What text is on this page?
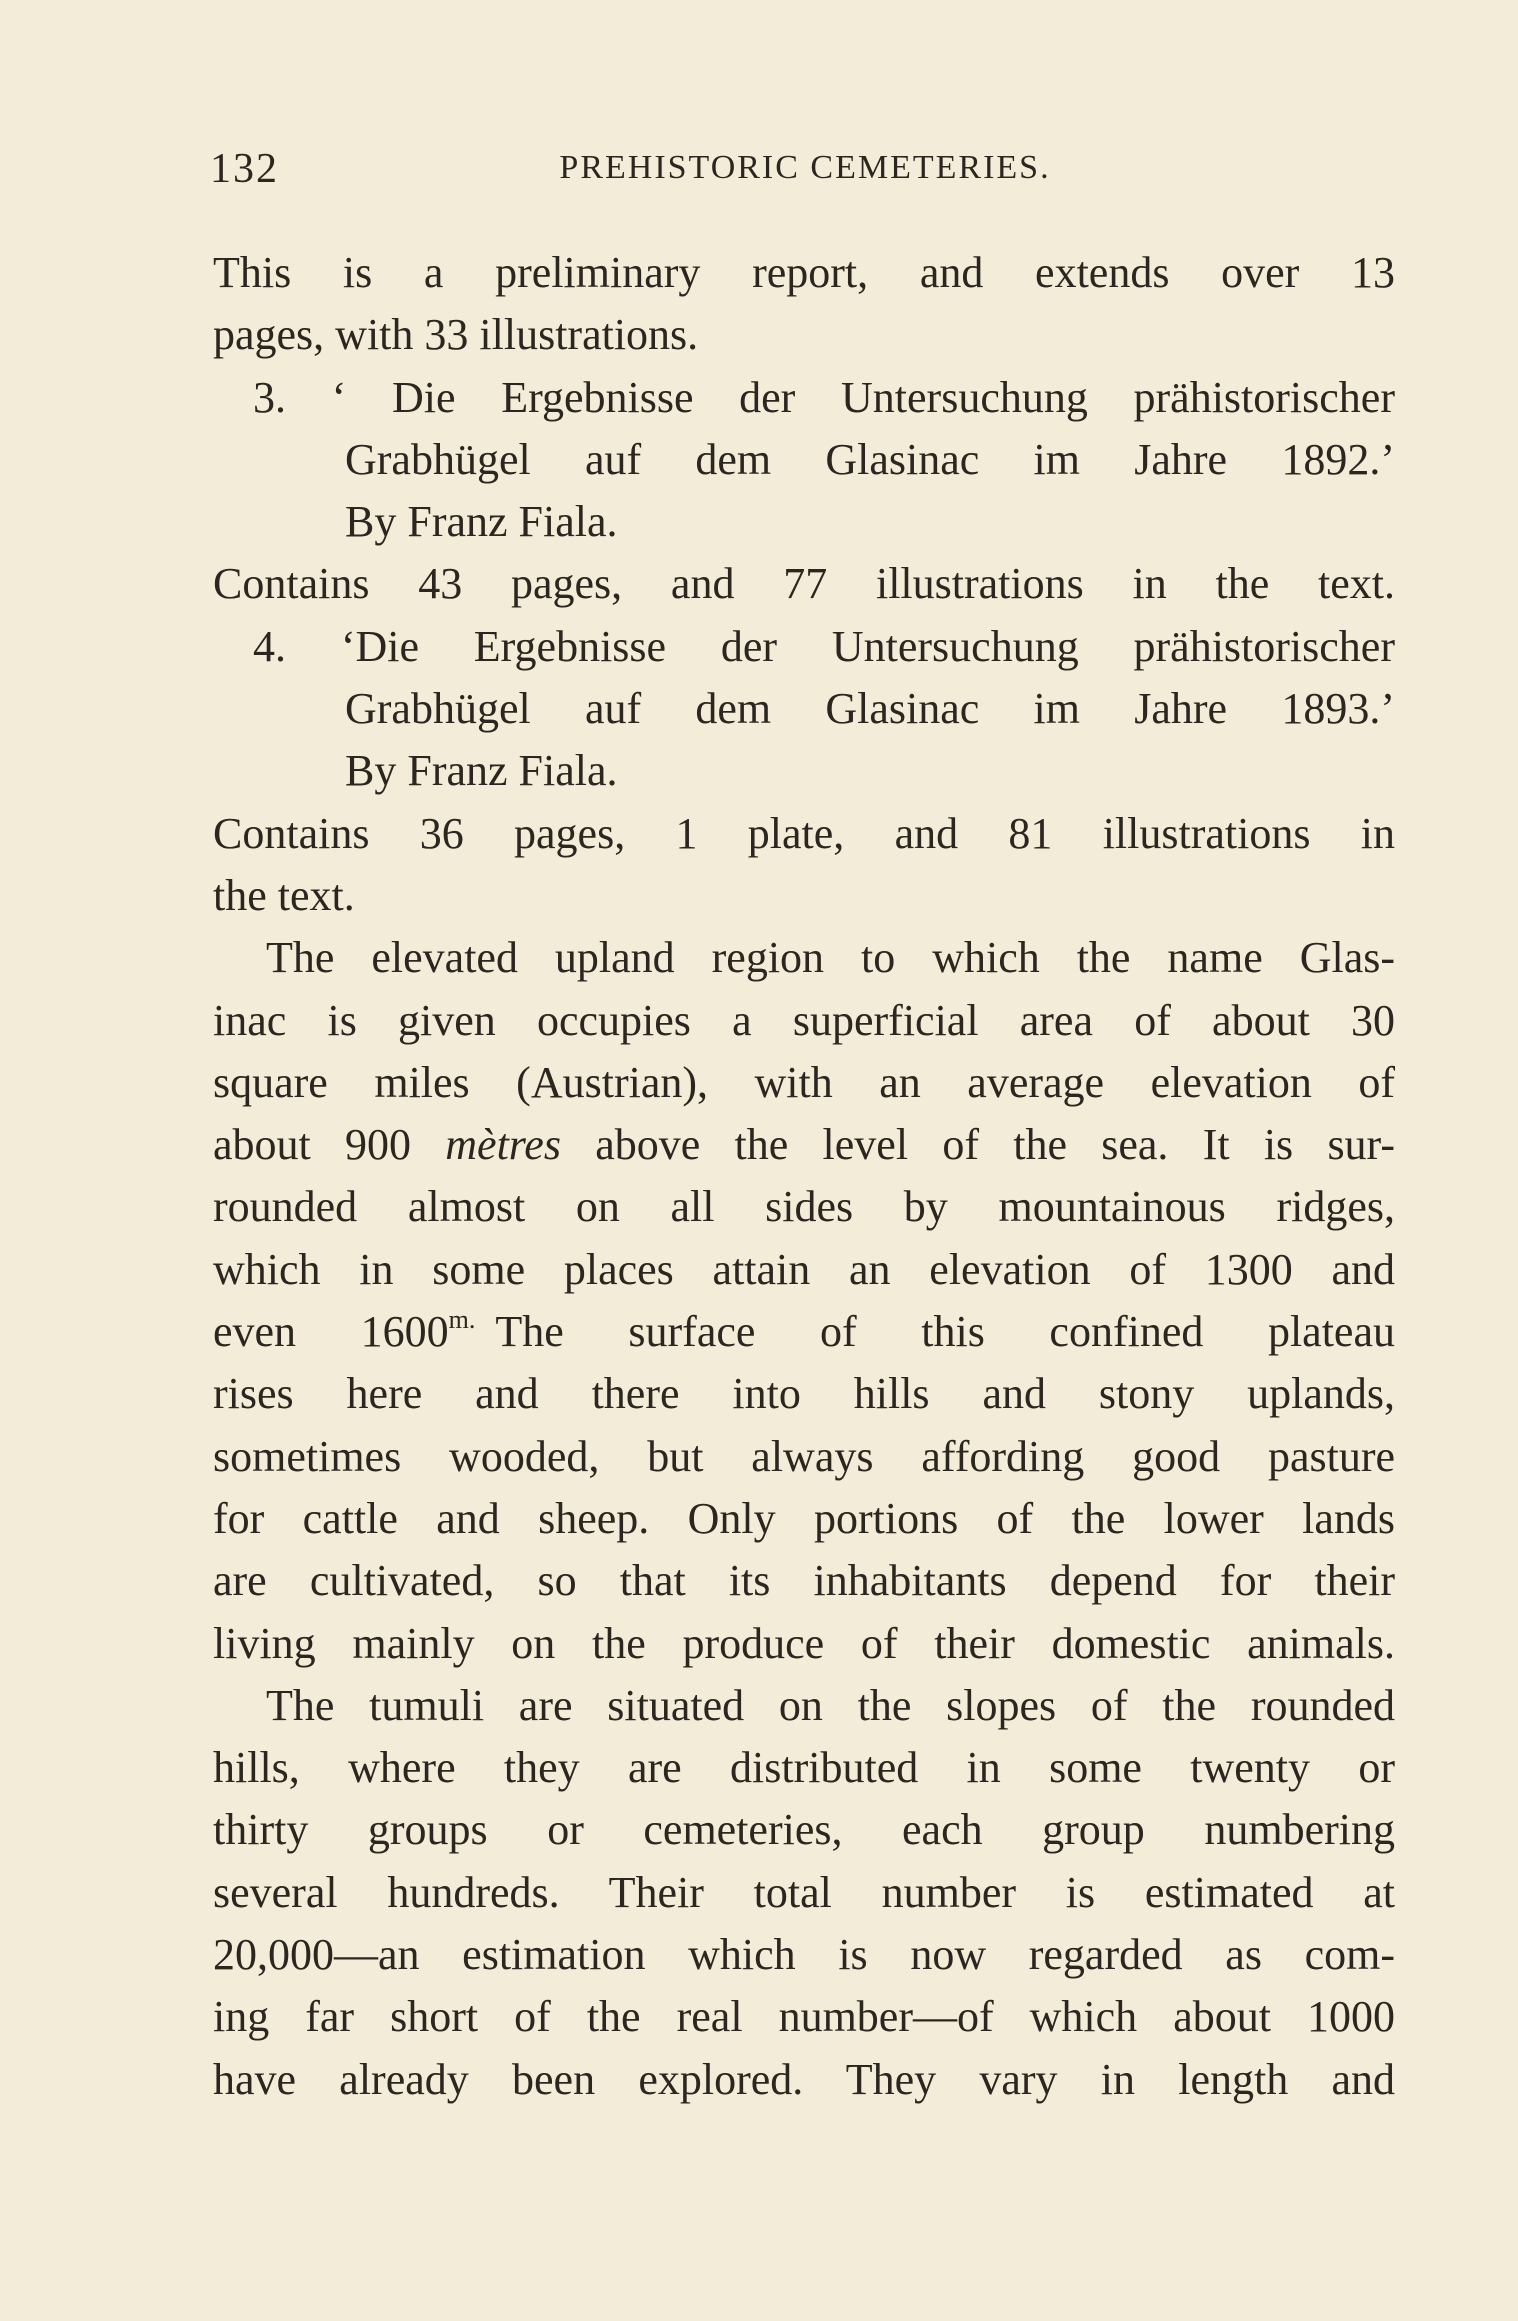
132	PREHISTORIC CEMETERIES.
This is a preliminary report, and extends over 13
pages, with 33 illustrations.
3. ‘ Die Ergebnisse der Untersuchung prähistorischer
Grabhügel auf dem Glasinac im Jahre 1892.’
By Franz Fiala.
Contains 43 pages, and 77 illustrations in the text.
4. ‘Die Ergebnisse der Untersuchung prähistorischer
Grabhügel auf dem Glasinac im Jahre 1893.’
By Franz Fiala.
Contains 36 pages, 1 plate, and 81 illustrations in
the text.
The elevated upland region to which the name Glas-
inac is given occupies a superficial area of about 30
square miles (Austrian), with an average elevation of
about 900 mètres above the level of the sea. It is sur-
rounded almost on all sides by mountainous ridges,
which in some places attain an elevation of 1300 and
even $1600^{m.}$ The surface of this confined plateau
rises here and there into hills and stony uplands,
sometimes wooded, but always affording good pasture
for cattle and sheep. Only portions of the lower lands
are cultivated, so that its inhabitants depend for their
living mainly on the produce of their domestic animals.
The tumuli are situated on the slopes of the rounded
hills, where they are distributed in some twenty or
thirty groups or cemeteries, each group numbering
several hundreds. Their total number is estimated at
20,000—an estimation which is now regarded as com-
ing far short of the real number—of which about 1000
have already been explored. They vary in length and
